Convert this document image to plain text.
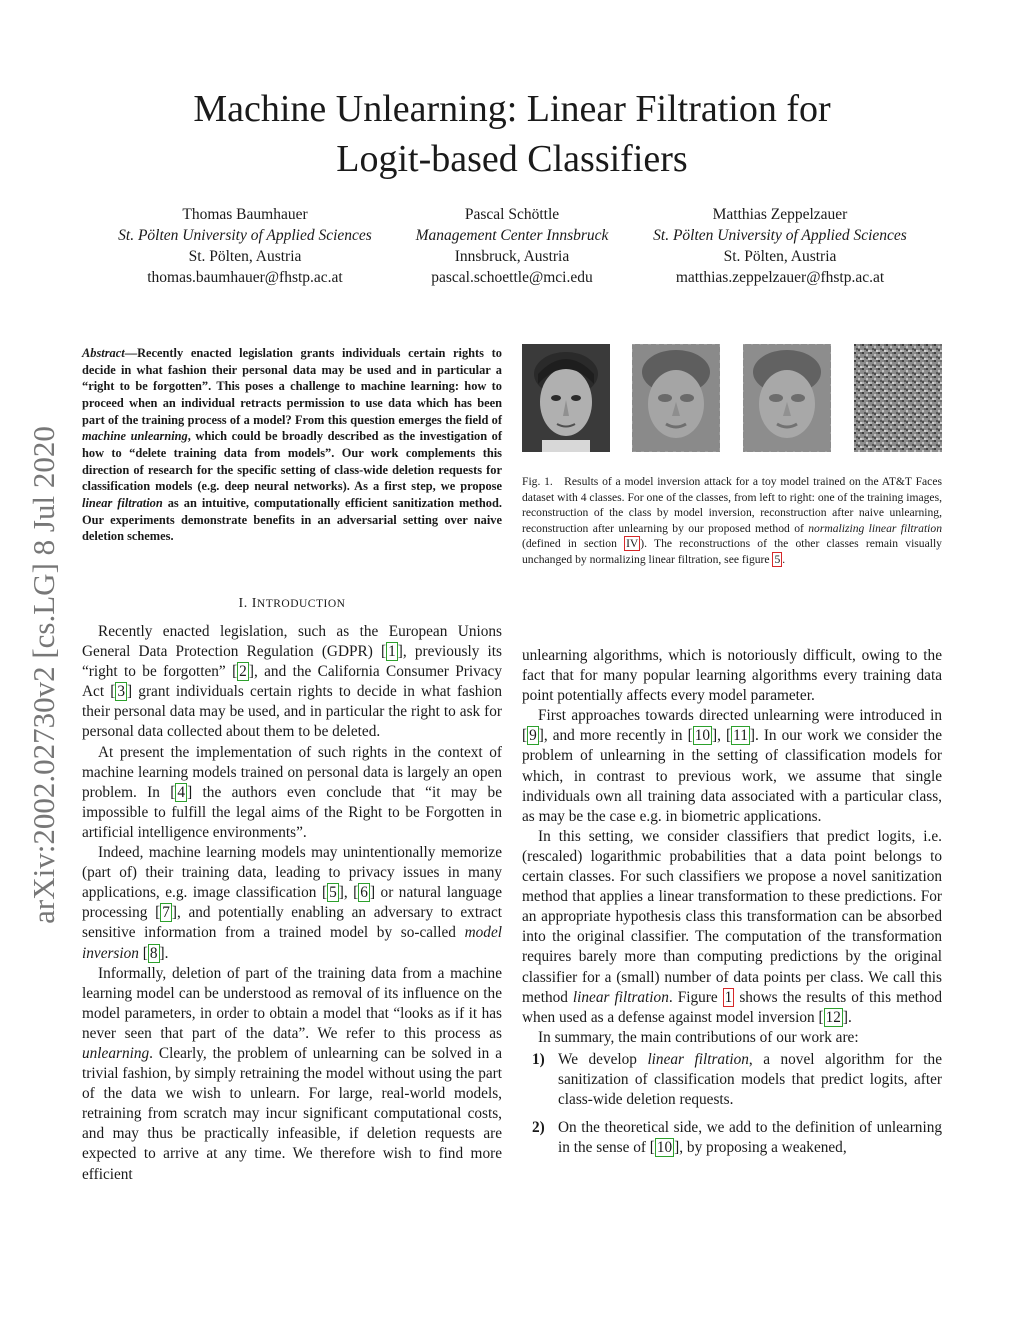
Machine Unlearning: Linear Filtration for
Logit-based Classifiers
Thomas Baumhauer
St. Pölten University of Applied Sciences
St. Pölten, Austria
thomas.baumhauer@fhstp.ac.at
Pascal Schöttle
Management Center Innsbruck
Innsbruck, Austria
pascal.schoettle@mci.edu
Matthias Zeppelzauer
St. Pölten University of Applied Sciences
St. Pölten, Austria
matthias.zeppelzauer@fhstp.ac.at
arXiv:2002.02730v2 [cs.LG] 8 Jul 2020
Abstract—Recently enacted legislation grants individuals certain rights to decide in what fashion their personal data may be used and in particular a “right to be forgotten”. This poses a challenge to machine learning: how to proceed when an individual retracts permission to use data which has been part of the training process of a model? From this question emerges the field of machine unlearning, which could be broadly described as the investigation of how to “delete training data from models”. Our work complements this direction of research for the specific setting of class-wide deletion requests for classification models (e.g. deep neural networks). As a first step, we propose linear filtration as an intuitive, computationally efficient sanitization method. Our experiments demonstrate benefits in an adversarial setting over naive deletion schemes.
I. INTRODUCTION

Recently enacted legislation, such as the European Unions General Data Protection Regulation (GDPR) [ 1 ], previously its “right to be forgotten” [ 2 ], and the California Consumer Privacy Act [ 3 ] grant individuals certain rights to decide in what fashion their personal data may be used, and in particular the right to ask for personal data collected about them to be deleted.

At present the implementation of such rights in the context of machine learning models trained on personal data is largely an open problem. In [ 4 ] the authors even conclude that “it may be impossible to fulfill the legal aims of the Right to be Forgotten in artificial intelligence environments”.

Indeed, machine learning models may unintentionally memorize (part of) their training data, leading to privacy issues in many applications, e.g. image classification [ 5 ], [ 6 ] or natural language processing [ 7 ], and potentially enabling an adversary to extract sensitive information from a trained model by so-called model inversion [ 8 ].

Informally, deletion of part of the training data from a machine learning model can be understood as removal of its influence on the model parameters, in order to obtain a model that “looks as if it has never seen that part of the data”. We refer to this process as unlearning. Clearly, the problem of unlearning can be solved in a trivial fashion, by simply retraining the model without using the part of the data we wish to unlearn. For large, real-world models, retraining from scratch may incur significant computational costs, and may thus be practically infeasible, if deletion requests are expected to arrive at any time. We therefore wish to find more efficient

Fig. 1. Results of a model inversion attack for a toy model trained on the AT&T Faces dataset with 4 classes. For one of the classes, from left to right: one of the training images, reconstruction of the class by model inversion, reconstruction after naive unlearning, reconstruction after unlearning by our proposed method of normalizing linear filtration (defined in section IV ). The reconstructions of the other classes remain visually unchanged by normalizing linear filtration, see figure 5 .

unlearning algorithms, which is notoriously difficult, owing to the fact that for many popular learning algorithms every training data point potentially affects every model parameter.

First approaches towards directed unlearning were introduced in [ 9 ], and more recently in [ 10 ], [ 11 ]. In our work we consider the problem of unlearning in the setting of classification models for which, in contrast to previous work, we assume that single individuals own all training data associated with a particular class, as may be the case e.g. in biometric applications.

In this setting, we consider classifiers that predict logits, i.e. (rescaled) logarithmic probabilities that a data point belongs to certain classes. For such classifiers we propose a novel sanitization method that applies a linear transformation to these predictions. For an appropriate hypothesis class this transformation can be absorbed into the original classifier. The computation of the transformation requires barely more than computing predictions by the original classifier for a (small) number of data points per class. We call this method linear filtration. Figure 1 shows the results of this method when used as a defense against model inversion [ 12 ].

In summary, the main contributions of our work are:

1) We develop linear filtration, a novel algorithm for the sanitization of classification models that predict logits, after class-wide deletion requests.
2) On the theoretical side, we add to the definition of unlearning in the sense of [ 10 ], by proposing a weakened,
